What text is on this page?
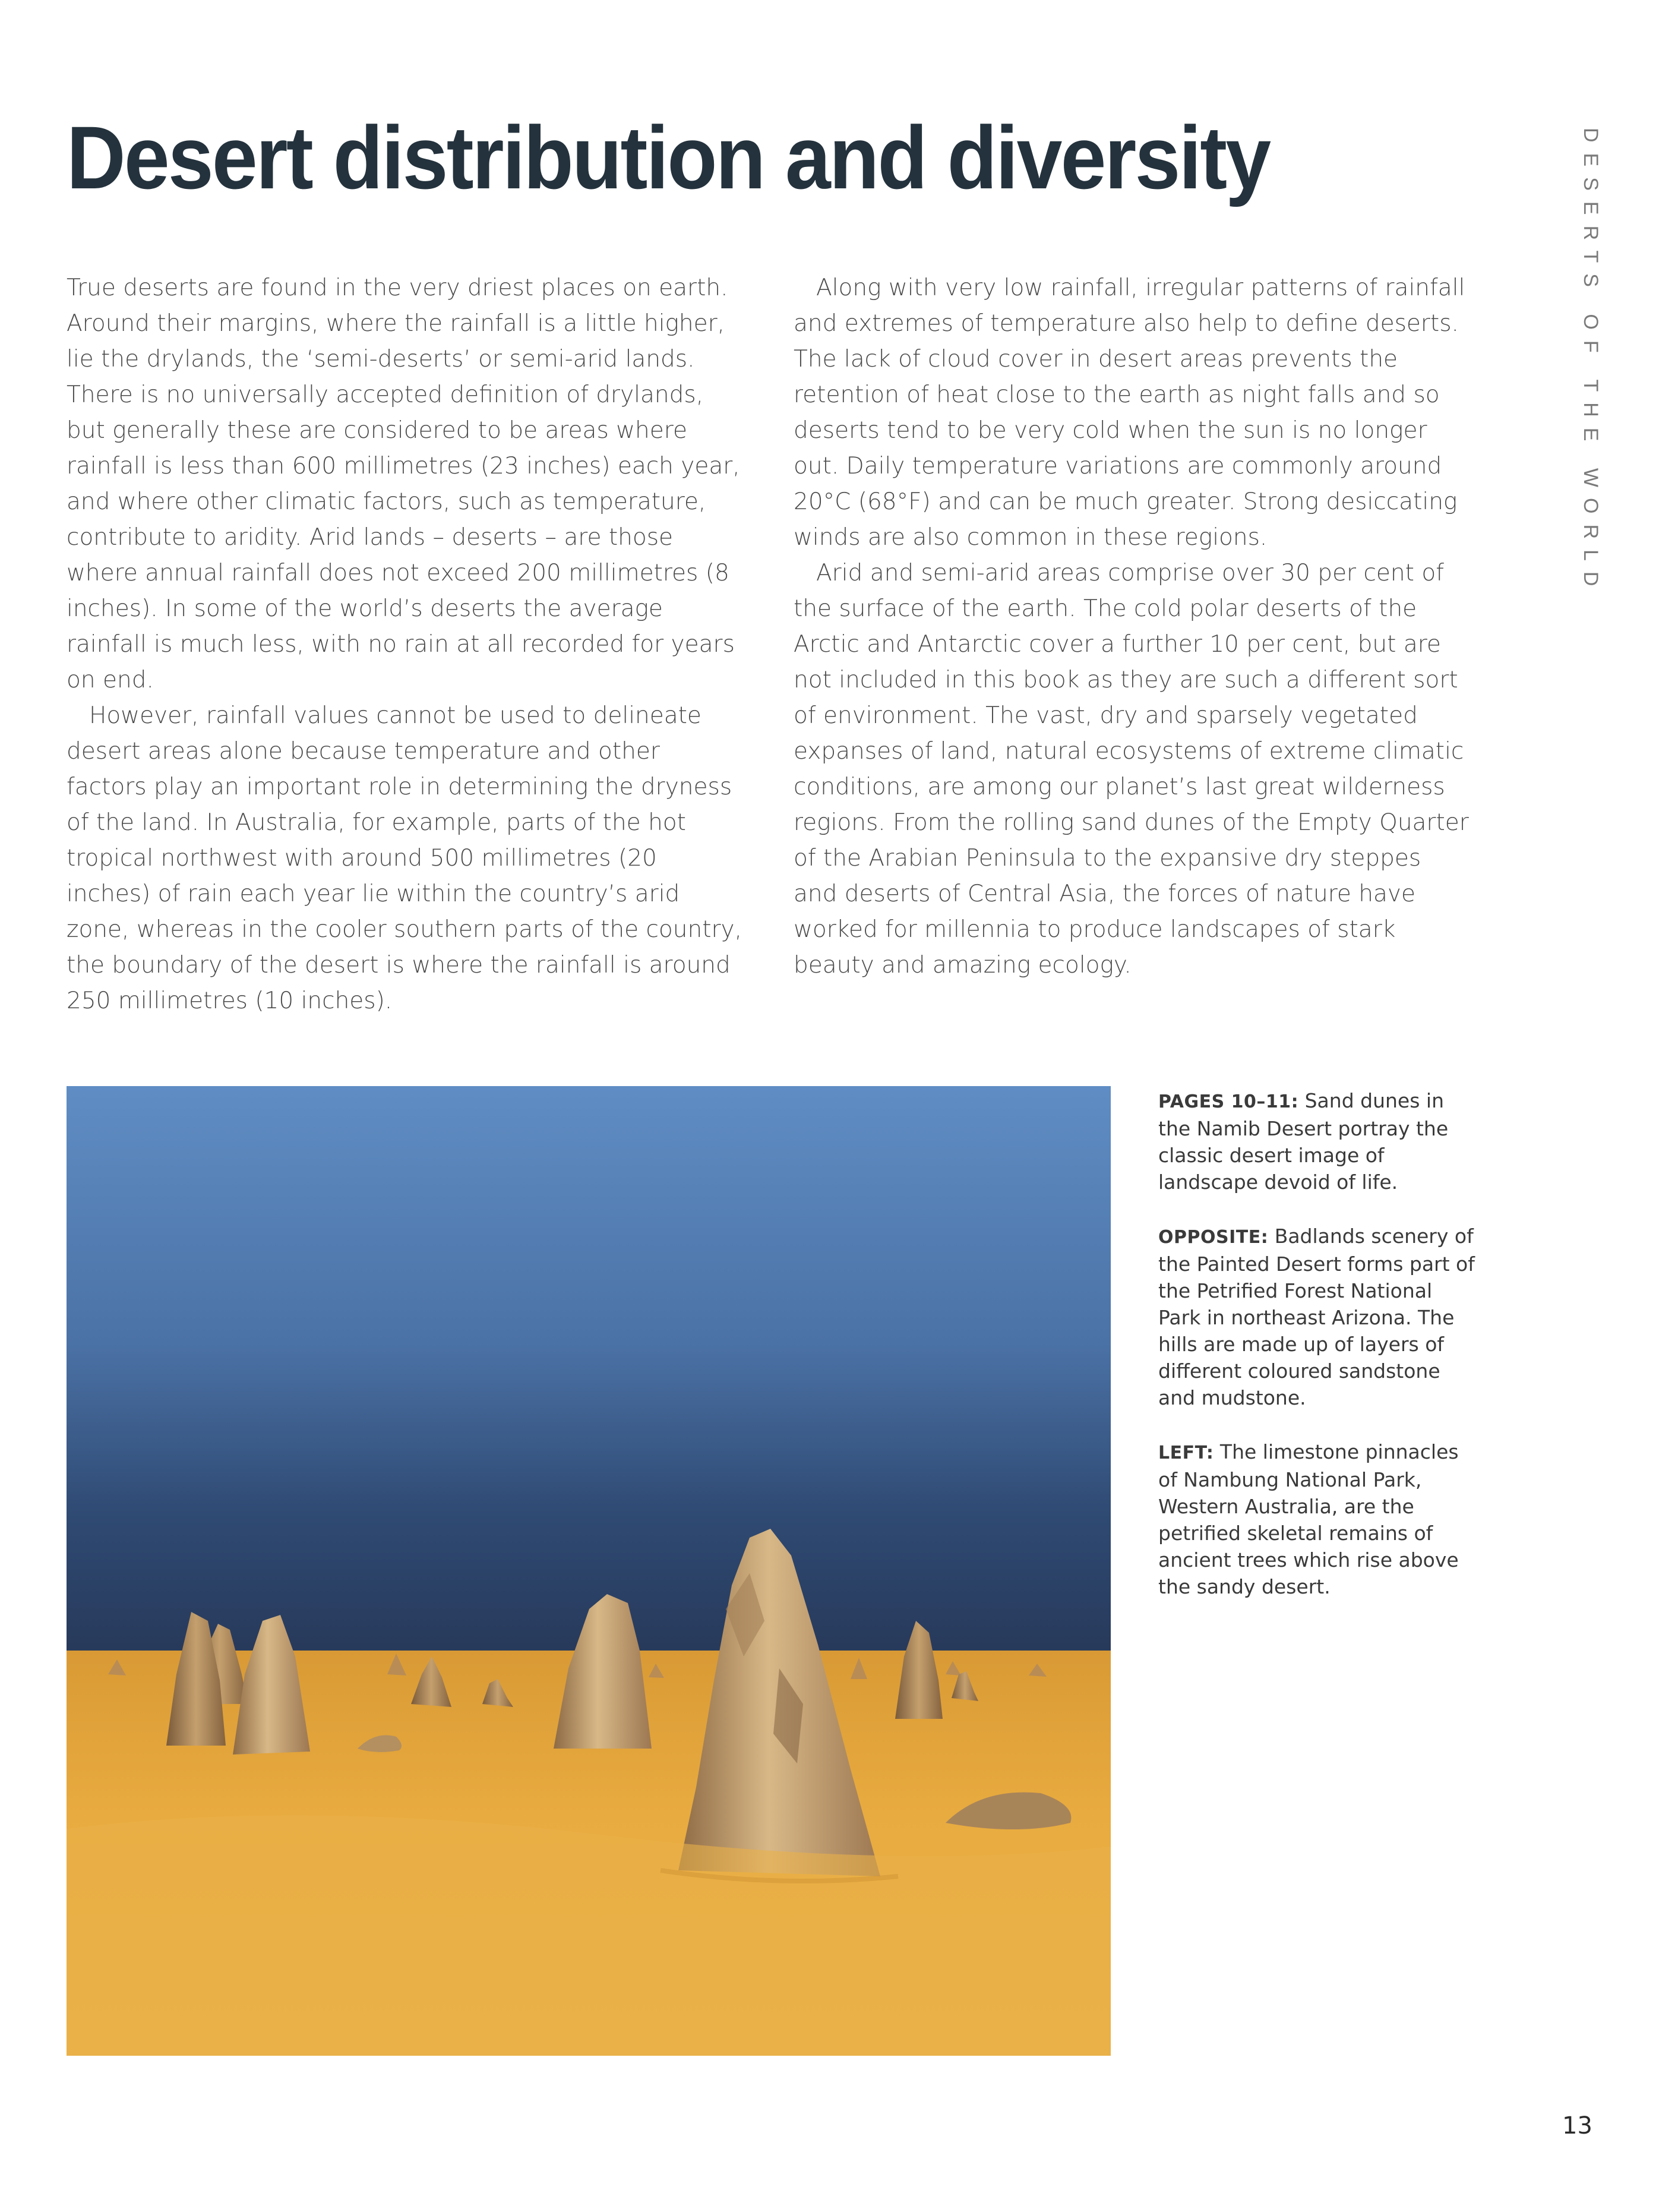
Desert distribution and diversity	DESERTS OF THE WORLD

True deserts are found in the very driest places on earth. Around their margins, where the rainfall is a little higher, lie the drylands, the ‘semi-deserts’ or semi-arid lands. There is no universally accepted definition of drylands, but generally these are considered to be areas where rainfall is less than 600 millimetres (23 inches) each year, and where other climatic factors, such as temperature, contribute to aridity. Arid lands – deserts – are those where annual rainfall does not exceed 200 millimetres (8 inches). In some of the world’s deserts the average rainfall is much less, with no rain at all recorded for years on end.

However, rainfall values cannot be used to delineate desert areas alone because temperature and other factors play an important role in determining the dryness of the land. In Australia, for example, parts of the hot tropical northwest with around 500 millimetres (20 inches) of rain each year lie within the country’s arid zone, whereas in the cooler southern parts of the country, the boundary of the desert is where the rainfall is around 250 millimetres (10 inches).

Along with very low rainfall, irregular patterns of rainfall and extremes of temperature also help to define deserts. The lack of cloud cover in desert areas prevents the retention of heat close to the earth as night falls and so deserts tend to be very cold when the sun is no longer out. Daily temperature variations are commonly around 20°C (68°F) and can be much greater. Strong desiccating winds are also common in these regions.

Arid and semi-arid areas comprise over 30 per cent of the surface of the earth. The cold polar deserts of the Arctic and Antarctic cover a further 10 per cent, but are not included in this book as they are such a different sort of environment. The vast, dry and sparsely vegetated expanses of land, natural ecosystems of extreme climatic conditions, are among our planet’s last great wilderness regions. From the rolling sand dunes of the Empty Quarter of the Arabian Peninsula to the expansive dry steppes and deserts of Central Asia, the forces of nature have worked for millennia to produce landscapes of stark beauty and amazing ecology.

PAGES 10–11: Sand dunes in the Namib Desert portray the classic desert image of landscape devoid of life.

OPPOSITE: Badlands scenery of the Painted Desert forms part of the Petrified Forest National Park in northeast Arizona. The hills are made up of layers of different coloured sandstone and mudstone.

LEFT: The limestone pinnacles of Nambung National Park, Western Australia, are the petrified skeletal remains of ancient trees which rise above the sandy desert.

13
